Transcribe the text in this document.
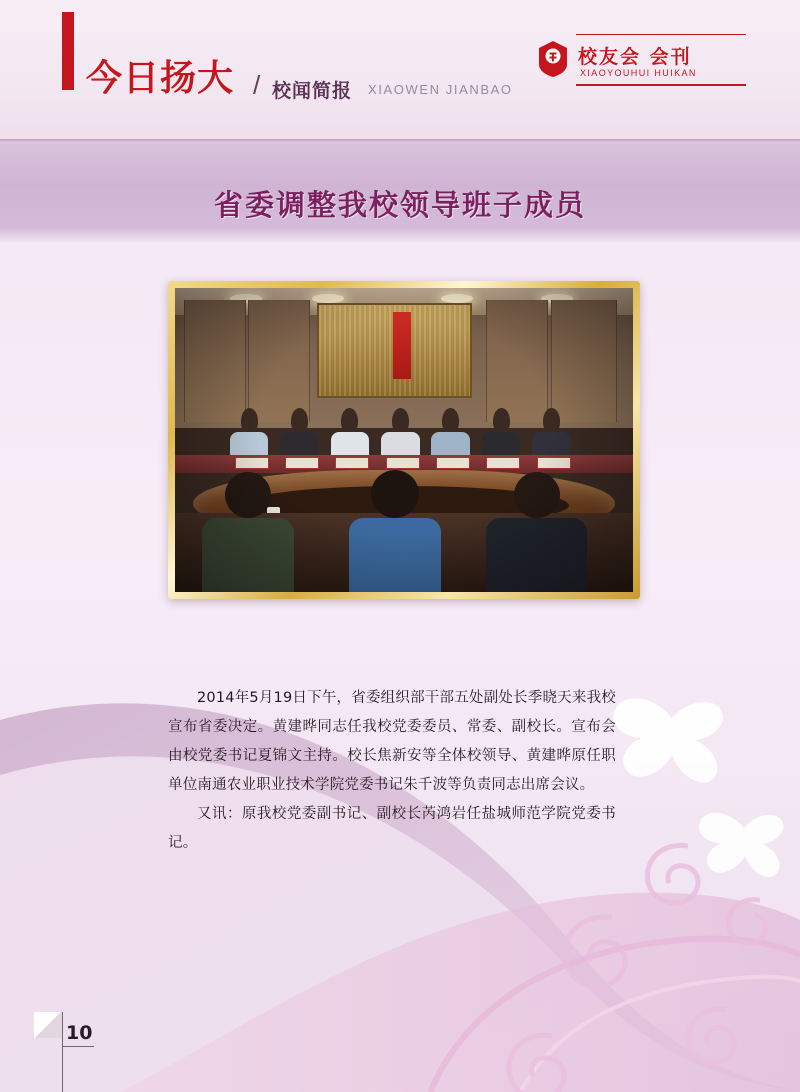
今日扬大 / 校闻简报 XIAOWEN JIANBAO
校友会 会刊
XIAOYOUHUI HUIKAN
省委调整我校领导班子成员

2014年5月19日下午，省委组织部干部五处副处长季晓天来我校宣布省委决定。黄建晔同志任我校党委委员、常委、副校长。宣布会由校党委书记夏锦文主持。校长焦新安等全体校领导、黄建晔原任职单位南通农业职业技术学院党委书记朱千波等负责同志出席会议。

又讯：原我校党委副书记、副校长芮鸿岩任盐城师范学院党委书记。

10
